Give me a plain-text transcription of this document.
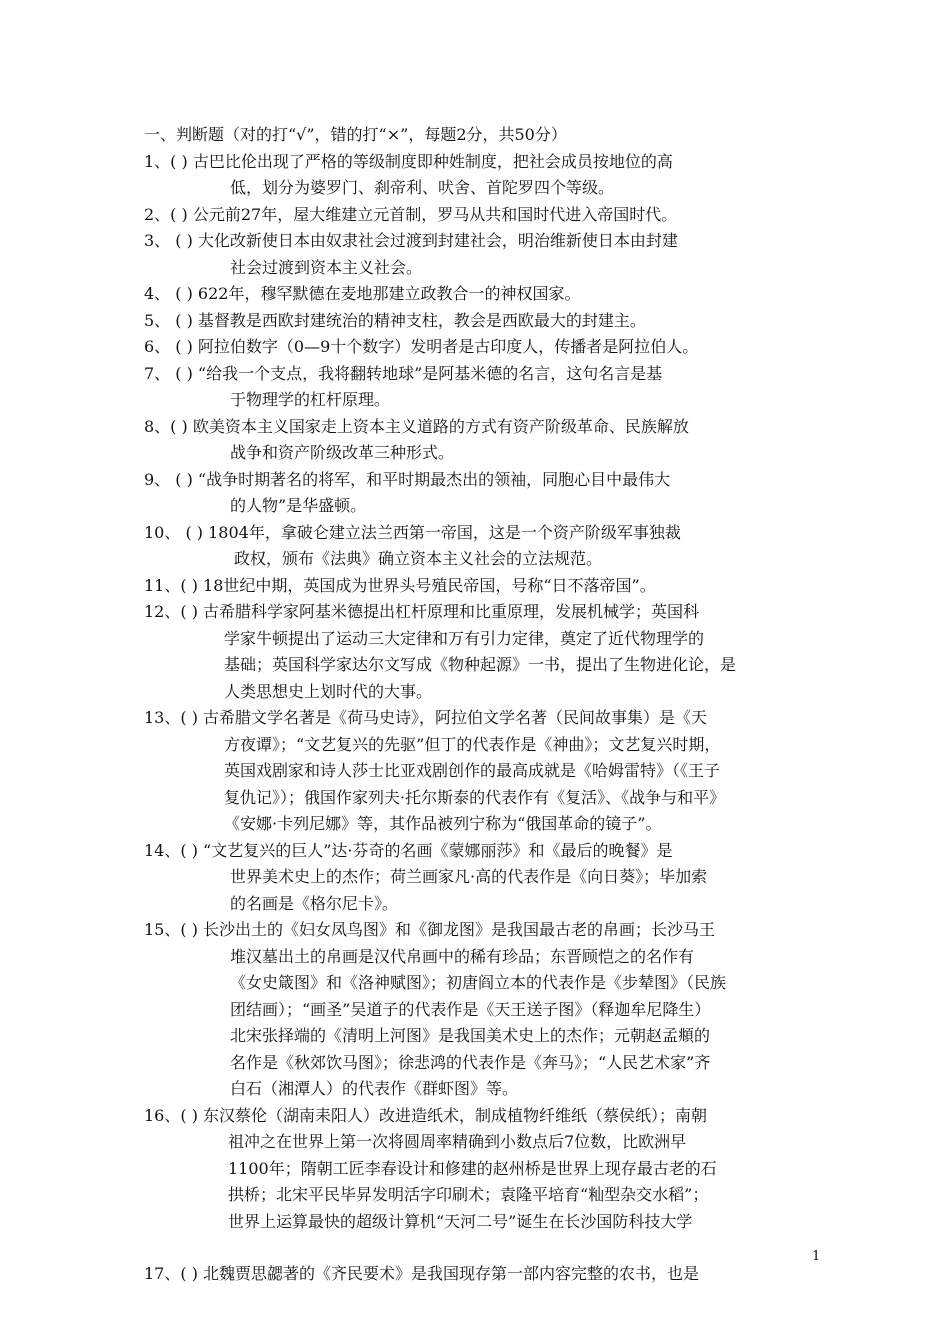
一、判断题（对的打“√”，错的打“×”，每题2分，共50分）
1、( ) 古巴比伦出现了严格的等级制度即种姓制度，把社会成员按地位的高
低，划分为婆罗门、刹帝利、吠舍、首陀罗四个等级。
2、( ) 公元前27年，屋大维建立元首制，罗马从共和国时代进入帝国时代。
3、 ( ) 大化改新使日本由奴隶社会过渡到封建社会，明治维新使日本由封建
社会过渡到资本主义社会。
4、 ( ) 622年，穆罕默德在麦地那建立政教合一的神权国家。
5、 ( ) 基督教是西欧封建统治的精神支柱，教会是西欧最大的封建主。
6、 ( ) 阿拉伯数字（0—9十个数字）发明者是古印度人，传播者是阿拉伯人。
7、 ( ) “给我一个支点，我将翻转地球”是阿基米德的名言，这句名言是基
于物理学的杠杆原理。
8、( ) 欧美资本主义国家走上资本主义道路的方式有资产阶级革命、民族解放
战争和资产阶级改革三种形式。
9、 ( ) “战争时期著名的将军，和平时期最杰出的领袖，同胞心目中最伟大
的人物”是华盛顿。
10、 ( ) 1804年，拿破仑建立法兰西第一帝国，这是一个资产阶级军事独裁
政权，颁布《法典》确立资本主义社会的立法规范。
11、( ) 18世纪中期，英国成为世界头号殖民帝国，号称“日不落帝国”。
12、( ) 古希腊科学家阿基米德提出杠杆原理和比重原理，发展机械学；英国科
学家牛顿提出了运动三大定律和万有引力定律，奠定了近代物理学的
基础；英国科学家达尔文写成《物种起源》一书，提出了生物进化论，是
人类思想史上划时代的大事。
13、( ) 古希腊文学名著是《荷马史诗》，阿拉伯文学名著（民间故事集）是《天
方夜谭》；“文艺复兴的先驱”但丁的代表作是《神曲》；文艺复兴时期，
英国戏剧家和诗人莎士比亚戏剧创作的最高成就是《哈姆雷特》（《王子
复仇记》）；俄国作家列夫·托尔斯泰的代表作有《复活》、《战争与和平》
《安娜·卡列尼娜》等，其作品被列宁称为“俄国革命的镜子”。
14、( ) “文艺复兴的巨人”达·芬奇的名画《蒙娜丽莎》和《最后的晚餐》是
世界美术史上的杰作；荷兰画家凡·高的代表作是《向日葵》；毕加索
的名画是《格尔尼卡》。
15、( ) 长沙出土的《妇女凤鸟图》和《御龙图》是我国最古老的帛画；长沙马王
堆汉墓出土的帛画是汉代帛画中的稀有珍品；东晋顾恺之的名作有
《女史箴图》和《洛神赋图》；初唐阎立本的代表作是《步辇图》（民族
团结画）；“画圣”吴道子的代表作是《天王送子图》（释迦牟尼降生）
北宋张择端的《清明上河图》是我国美术史上的杰作；元朝赵孟頫的
名作是《秋郊饮马图》；徐悲鸿的代表作是《奔马》；“人民艺术家”齐
白石（湘潭人）的代表作《群虾图》等。
16、( ) 东汉蔡伦（湖南耒阳人）改进造纸术，制成植物纤维纸（蔡侯纸）；南朝
祖冲之在世界上第一次将圆周率精确到小数点后7位数，比欧洲早
1100年；隋朝工匠李春设计和修建的赵州桥是世界上现存最古老的石
拱桥；北宋平民毕昇发明活字印刷术；袁隆平培育“籼型杂交水稻”；
世界上运算最快的超级计算机“天河二号”诞生在长沙国防科技大学
17、( ) 北魏贾思勰著的《齐民要术》是我国现存第一部内容完整的农书，也是
1
